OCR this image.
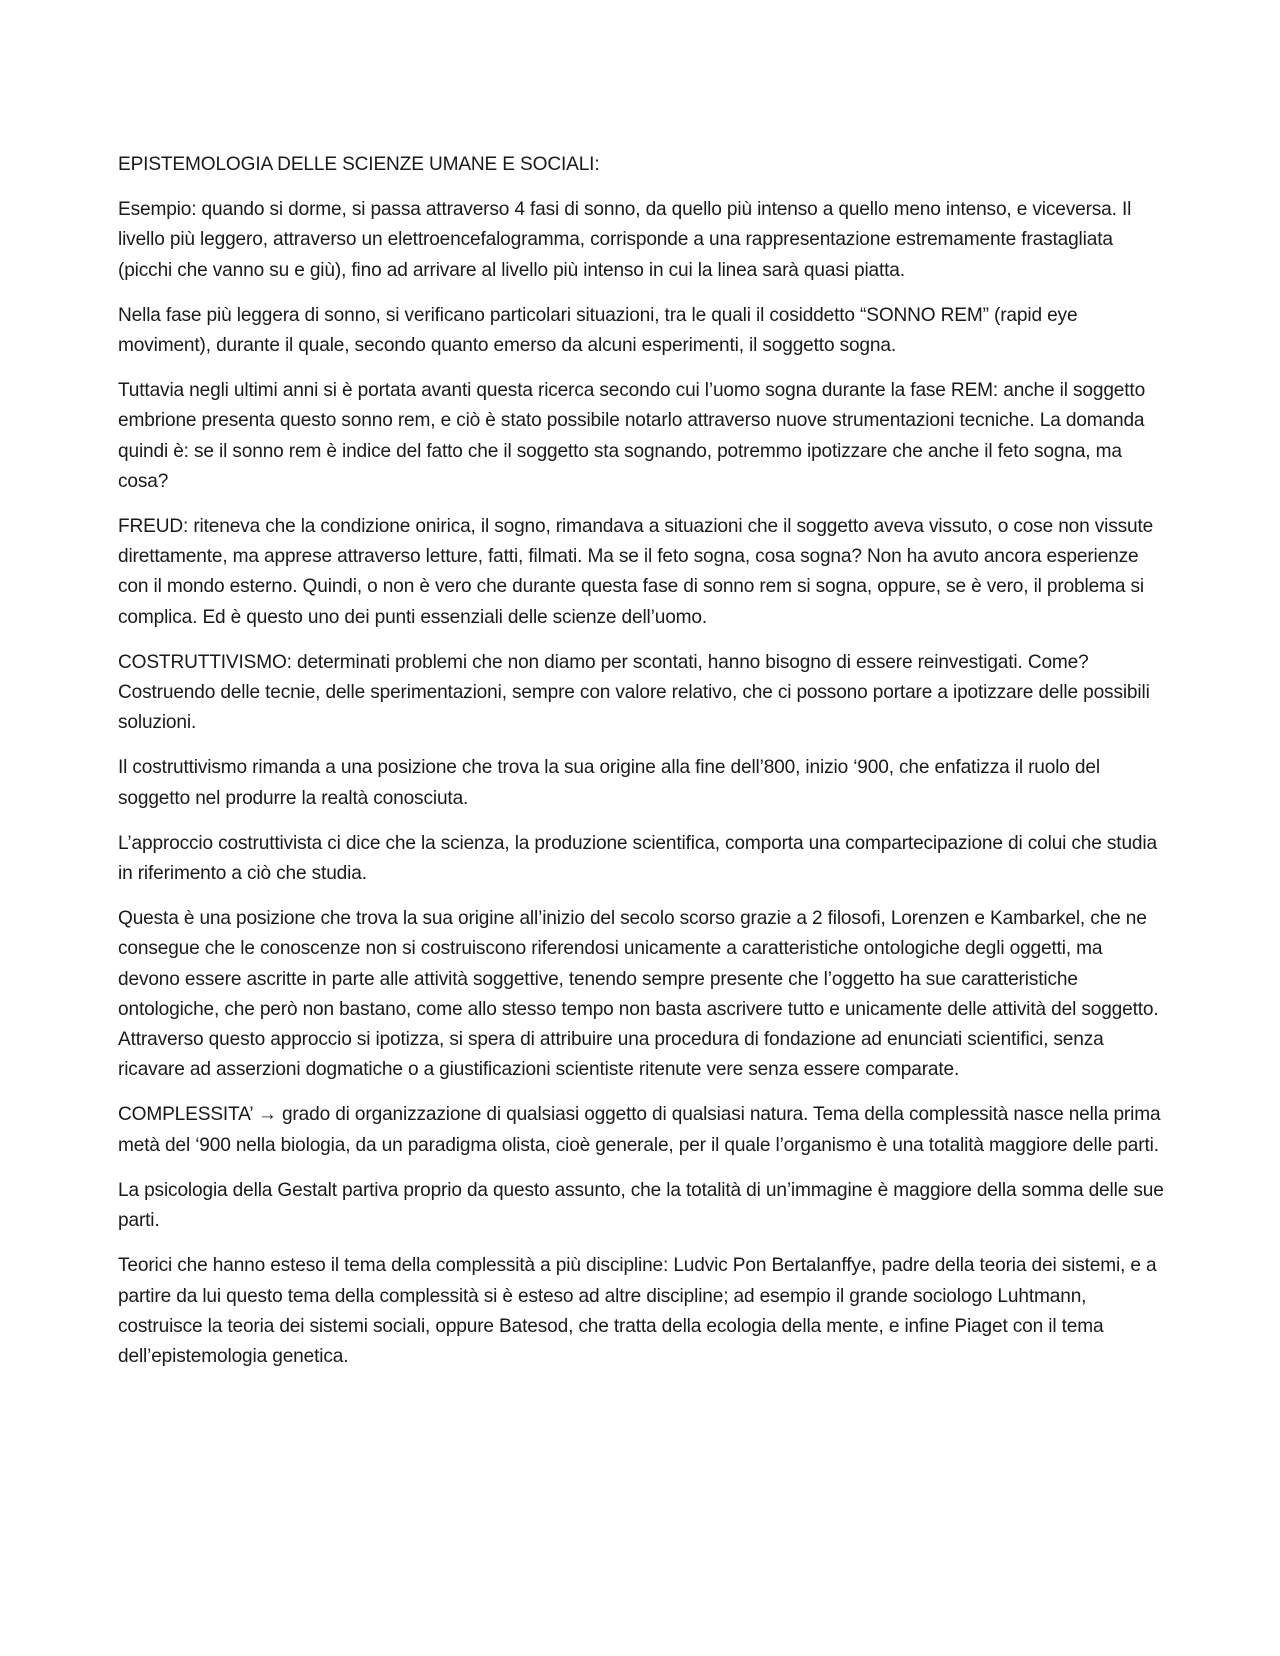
EPISTEMOLOGIA DELLE SCIENZE UMANE E SOCIALI:

Esempio: quando si dorme, si passa attraverso 4 fasi di sonno, da quello più intenso a quello meno intenso, e viceversa. Il livello più leggero, attraverso un elettroencefalogramma, corrisponde a una rappresentazione estremamente frastagliata (picchi che vanno su e giù), fino ad arrivare al livello più intenso in cui la linea sarà quasi piatta.

Nella fase più leggera di sonno, si verificano particolari situazioni, tra le quali il cosiddetto “SONNO REM” (rapid eye moviment), durante il quale, secondo quanto emerso da alcuni esperimenti, il soggetto sogna.

Tuttavia negli ultimi anni si è portata avanti questa ricerca secondo cui l’uomo sogna durante la fase REM: anche il soggetto embrione presenta questo sonno rem, e ciò è stato possibile notarlo attraverso nuove strumentazioni tecniche. La domanda quindi è: se il sonno rem è indice del fatto che il soggetto sta sognando, potremmo ipotizzare che anche il feto sogna, ma cosa?

FREUD: riteneva che la condizione onirica, il sogno, rimandava a situazioni che il soggetto aveva vissuto, o cose non vissute direttamente, ma apprese attraverso letture, fatti, filmati. Ma se il feto sogna, cosa sogna? Non ha avuto ancora esperienze con il mondo esterno. Quindi, o non è vero che durante questa fase di sonno rem si sogna, oppure, se è vero, il problema si complica. Ed è questo uno dei punti essenziali delle scienze dell’uomo.

COSTRUTTIVISMO: determinati problemi che non diamo per scontati, hanno bisogno di essere reinvestigati. Come? Costruendo delle tecnie, delle sperimentazioni, sempre con valore relativo, che ci possono portare a ipotizzare delle possibili soluzioni.

Il costruttivismo rimanda a una posizione che trova la sua origine alla fine dell’800, inizio ‘900, che enfatizza il ruolo del soggetto nel produrre la realtà conosciuta.

L’approccio costruttivista ci dice che la scienza, la produzione scientifica, comporta una compartecipazione di colui che studia in riferimento a ciò che studia.

Questa è una posizione che trova la sua origine all’inizio del secolo scorso grazie a 2 filosofi, Lorenzen e Kambarkel, che ne consegue che le conoscenze non si costruiscono riferendosi unicamente a caratteristiche ontologiche degli oggetti, ma devono essere ascritte in parte alle attività soggettive, tenendo sempre presente che l’oggetto ha sue caratteristiche ontologiche, che però non bastano, come allo stesso tempo non basta ascrivere tutto e unicamente delle attività del soggetto. Attraverso questo approccio si ipotizza, si spera di attribuire una procedura di fondazione ad enunciati scientifici, senza ricavare ad asserzioni dogmatiche o a giustificazioni scientiste ritenute vere senza essere comparate.

COMPLESSITA’ → grado di organizzazione di qualsiasi oggetto di qualsiasi natura. Tema della complessità nasce nella prima metà del ‘900 nella biologia, da un paradigma olista, cioè generale, per il quale l’organismo è una totalità maggiore delle parti.

La psicologia della Gestalt partiva proprio da questo assunto, che la totalità di un’immagine è maggiore della somma delle sue parti.

Teorici che hanno esteso il tema della complessità a più discipline: Ludvic Pon Bertalanffye, padre della teoria dei sistemi, e a partire da lui questo tema della complessità si è esteso ad altre discipline; ad esempio il grande sociologo Luhtmann, costruisce la teoria dei sistemi sociali, oppure Batesod, che tratta della ecologia della mente, e infine Piaget con il tema dell’epistemologia genetica.
